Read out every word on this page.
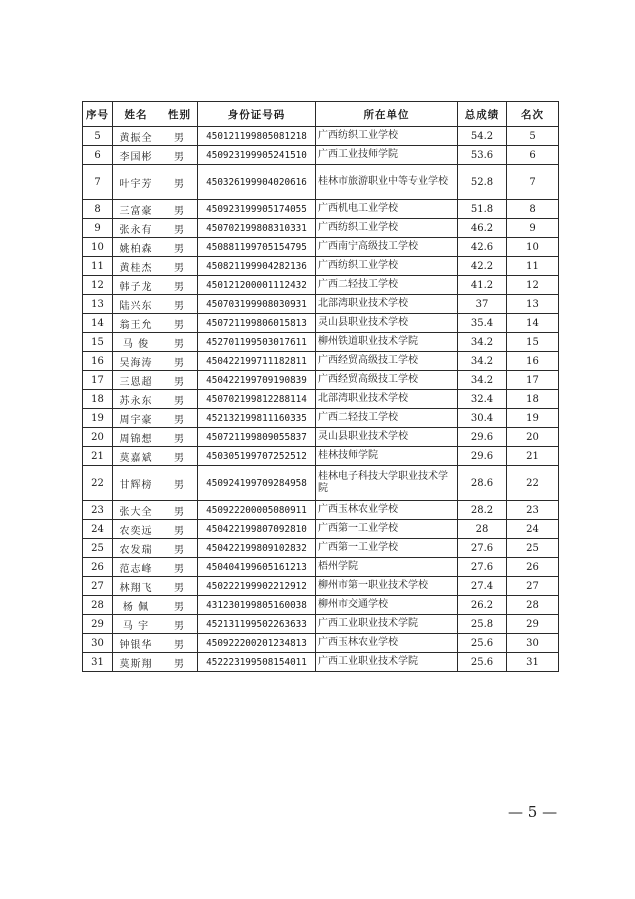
序号	姓名 性别	身份证号码	所在单位	总成绩	名次
5	黄振全 男	450121199805081218	广西纺织工业学校	54.2	5
6	李国彬 男	450923199905241510	广西工业技师学院	53.6	6
7	叶宇芳 男	450326199904020616	桂林市旅游职业中等专业学校	52.8	7
8	三富豪 男	450923199905174055	广西机电工业学校	51.8	8
9	张永有 男	450702199808310331	广西纺织工业学校	46.2	9
10	姚柏森 男	450881199705154795	广西南宁高级技工学校	42.6	10
11	黄桂杰 男	450821199904282136	广西纺织工业学校	42.2	11
12	韩子龙 男	450121200001112432	广西二轻技工学校	41.2	12
13	陆兴东 男	450703199908030931	北部湾职业技术学校	37	13
14	翁王允 男	450721199806015813	灵山县职业技术学校	35.4	14
15	马 俊 男	452701199503017611	柳州铁道职业技术学院	34.2	15
16	吴海涛 男	450422199711182811	广西经贸高级技工学校	34.2	16
17	三恩超 男	450422199709190839	广西经贸高级技工学校	34.2	17
18	苏永东 男	450702199812288114	北部湾职业技术学校	32.4	18
19	周宇豪 男	452132199811160335	广西二轻技工学校	30.4	19
20	周锦想 男	450721199809055837	灵山县职业技术学校	29.6	20
21	莫嘉斌 男	450305199707252512	桂林技师学院	29.6	21
22	甘辉榜 男	450924199709284958	桂林电子科技大学职业技术学院	28.6	22
23	张大全 男	450922200005080911	广西玉林农业学校	28.2	23
24	农奕远 男	450422199807092810	广西第一工业学校	28	24
25	农发瑞 男	450422199809102832	广西第一工业学校	27.6	25
26	范志峰 男	450404199605161213	梧州学院	27.6	26
27	林翔飞 男	450222199902212912	柳州市第一职业技术学校	27.4	27
28	杨 佩 男	431230199805160038	柳州市交通学校	26.2	28
29	马 宇 男	452131199502263633	广西工业职业技术学院	25.8	29
30	钟银华 男	450922200201234813	广西玉林农业学校	25.6	30
31	莫斯翔 男	452223199508154011	广西工业职业技术学院	25.6	31
— 5 —
